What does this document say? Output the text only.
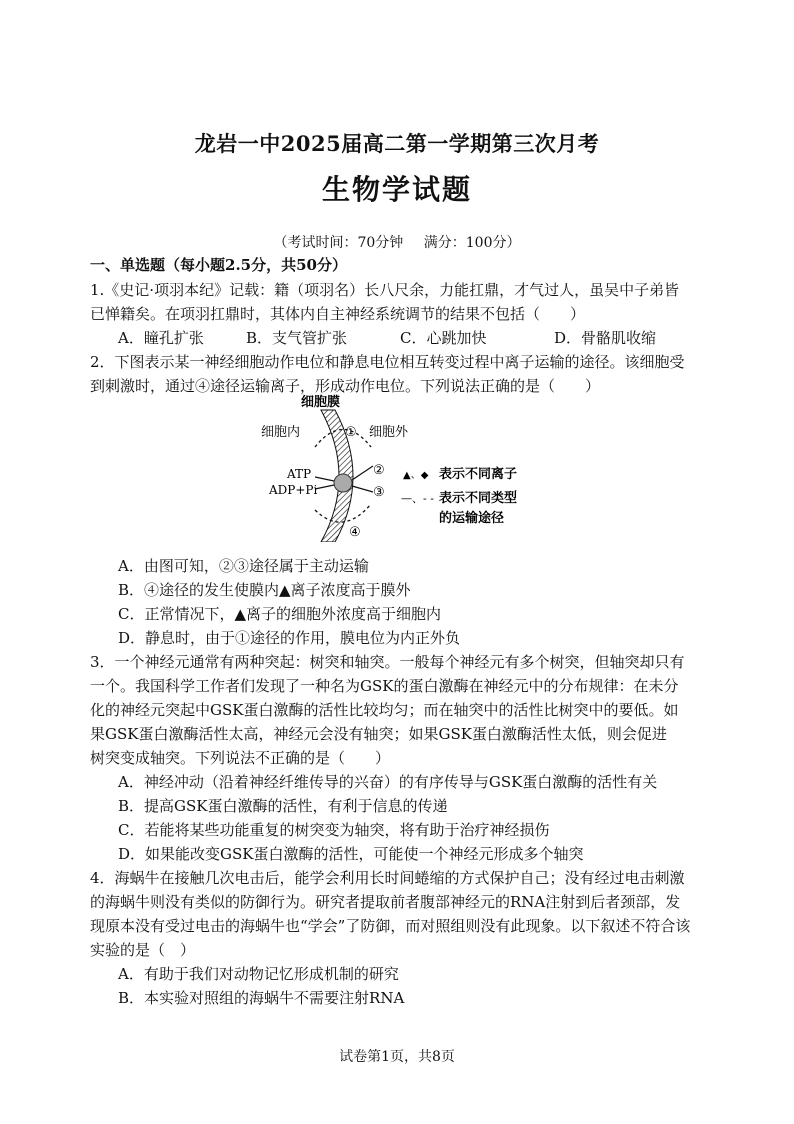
龙岩一中2025届高二第一学期第三次月考
生物学试题
（考试时间：70分钟 满分：100分）
一、单选题（每小题2.5分，共50分）
1.《史记·项羽本纪》记载：籍（项羽名）长八尺余，力能扛鼎，才气过人，虽吴中子弟皆
已惮籍矣。在项羽扛鼎时，其体内自主神经系统调节的结果不包括（　　）
A．瞳孔扩张	B．支气管扩张	C．心跳加快	D．骨骼肌收缩
2．下图表示某一神经细胞动作电位和静息电位相互转变过程中离子运输的途径。该细胞受
到刺激时，通过④途径运输离子，形成动作电位。下列说法正确的是（　　）
细胞膜
细胞内	细胞外
①
②
③
④
ATP
ADP+Pi
▲、◆ 表示不同离子
—、- - 表示不同类型
的运输途径
A．由图可知，②③途径属于主动运输
B．④途径的发生使膜内▲离子浓度高于膜外
C．正常情况下，▲离子的细胞外浓度高于细胞内
D．静息时，由于①途径的作用，膜电位为内正外负
3．一个神经元通常有两种突起：树突和轴突。一般每个神经元有多个树突，但轴突却只有
一个。我国科学工作者们发现了一种名为GSK的蛋白激酶在神经元中的分布规律：在未分
化的神经元突起中GSK蛋白激酶的活性比较均匀；而在轴突中的活性比树突中的要低。如
果GSK蛋白激酶活性太高，神经元会没有轴突；如果GSK蛋白激酶活性太低，则会促进
树突变成轴突。下列说法不正确的是（　　）
A．神经冲动（沿着神经纤维传导的兴奋）的有序传导与GSK蛋白激酶的活性有关
B．提高GSK蛋白激酶的活性，有利于信息的传递
C．若能将某些功能重复的树突变为轴突，将有助于治疗神经损伤
D．如果能改变GSK蛋白激酶的活性，可能使一个神经元形成多个轴突
4．海蜗牛在接触几次电击后，能学会利用长时间蜷缩的方式保护自己；没有经过电击刺激
的海蜗牛则没有类似的防御行为。研究者提取前者腹部神经元的RNA注射到后者颈部，发
现原本没有受过电击的海蜗牛也“学会”了防御，而对照组则没有此现象。以下叙述不符合该
实验的是（　）
A．有助于我们对动物记忆形成机制的研究
B．本实验对照组的海蜗牛不需要注射RNA
试卷第1页，共8页
